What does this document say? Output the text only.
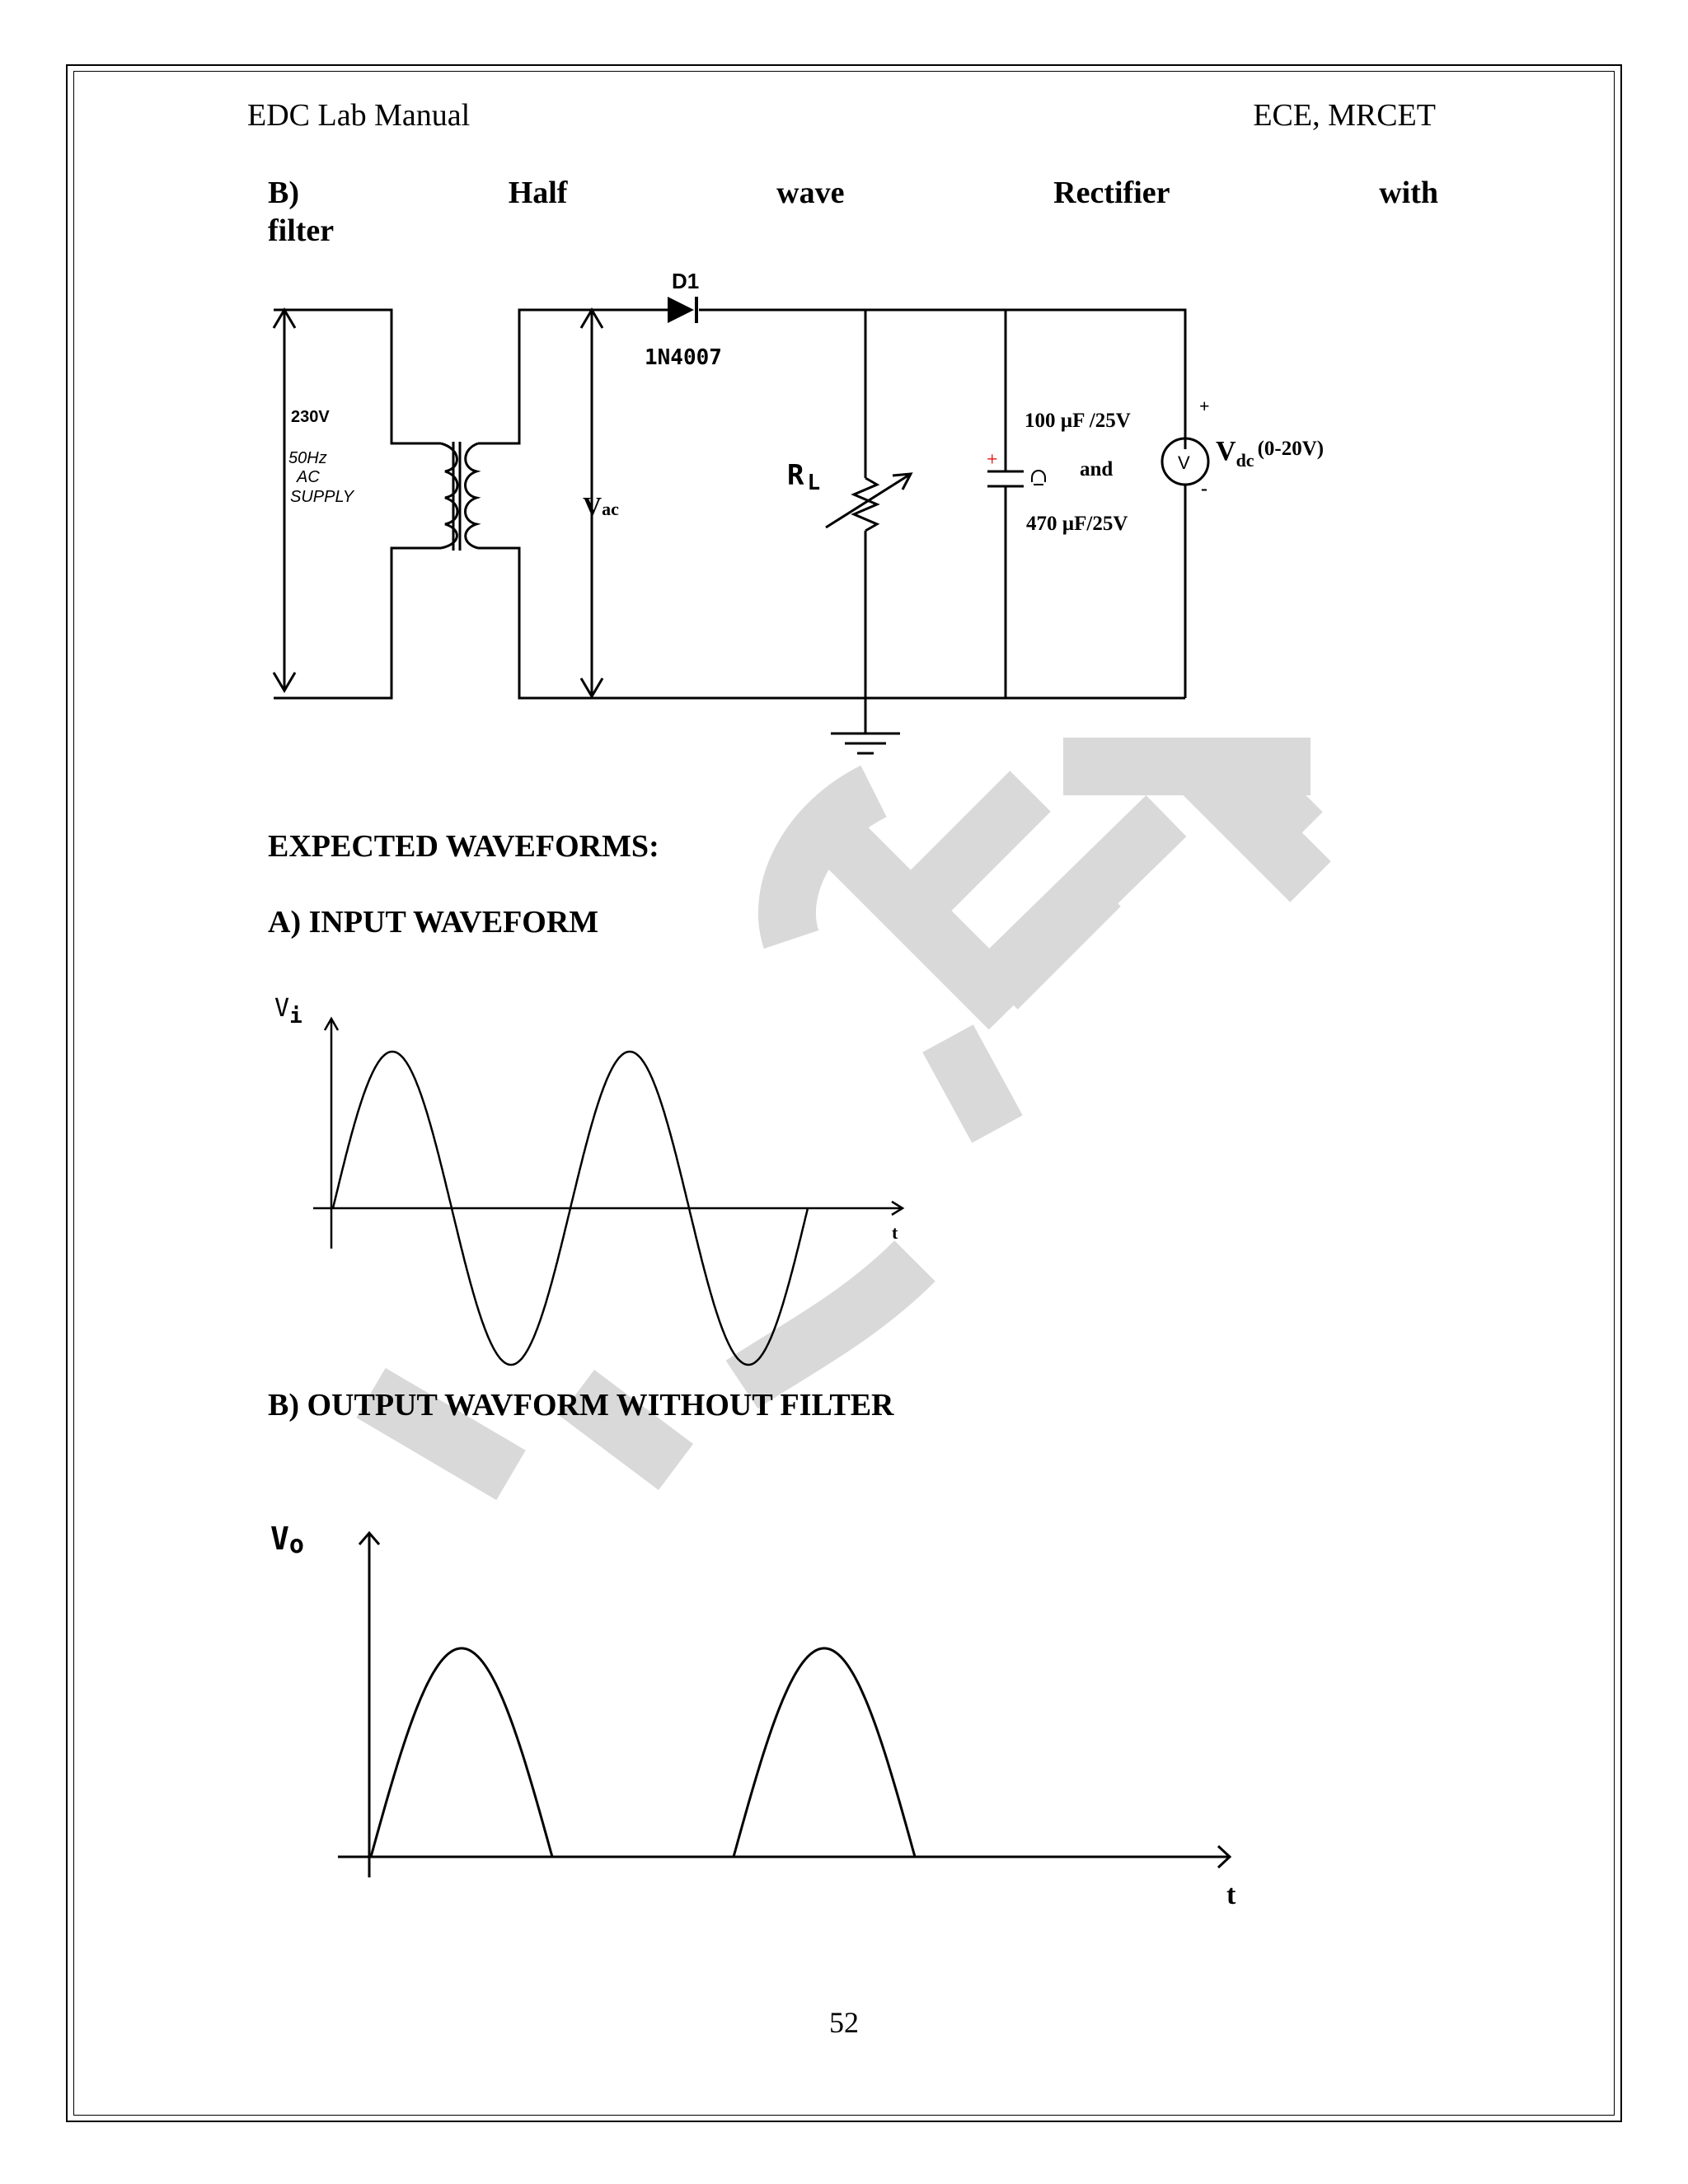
EDC Lab Manual	ECE, MRCET
B)	Half	wave	Rectifier	with
filter
D1
1N4007
230V
50Hz
AC
SUPPLY	Vac
R L
+
100 µF /25V
and
470 µF/25V
V
+
-
$V_{dc}^{(0-20V)}$
EXPECTED WAVEFORMS:
A) INPUT WAVEFORM
B) OUTPUT WAVFORM WITHOUT FILTER
Vi
t
Vo
t
52
